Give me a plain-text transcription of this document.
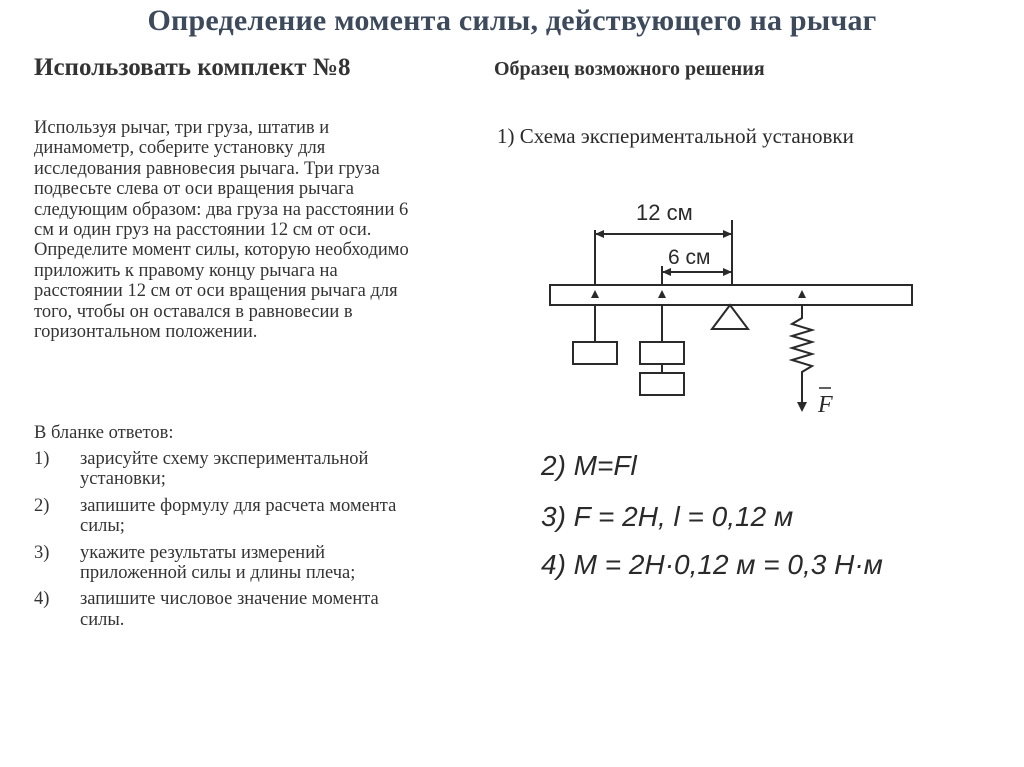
Определение момента силы, действующего на рычаг
Использовать комплект №8	Образец возможного решения
Используя рычаг, три груза, штатив и динамометр, соберите установку для исследования равновесия рычага. Три груза подвесьте слева от оси вращения рычага следующим образом: два груза на расстоянии 6 см и один груз на расстоянии 12 см от оси. Определите момент силы, которую необходимо приложить к правому концу рычага на расстоянии 12 см от оси вращения рычага для того, чтобы он оставался в равновесии в горизонтальном положении.
В бланке ответов:
1)	зарисуйте схему экспериментальной установки;
2)	запишите формулу для расчета момента силы;
3)	укажите результаты измерений приложенной силы и длины плеча;
4)	запишите числовое значение момента силы.
1) Схема экспериментальной установки
12 см
6 см
F
2) M=Fl
3) F = 2H, l = 0,12 м
4) M = 2H·0,12 м = 0,3 Н·м
